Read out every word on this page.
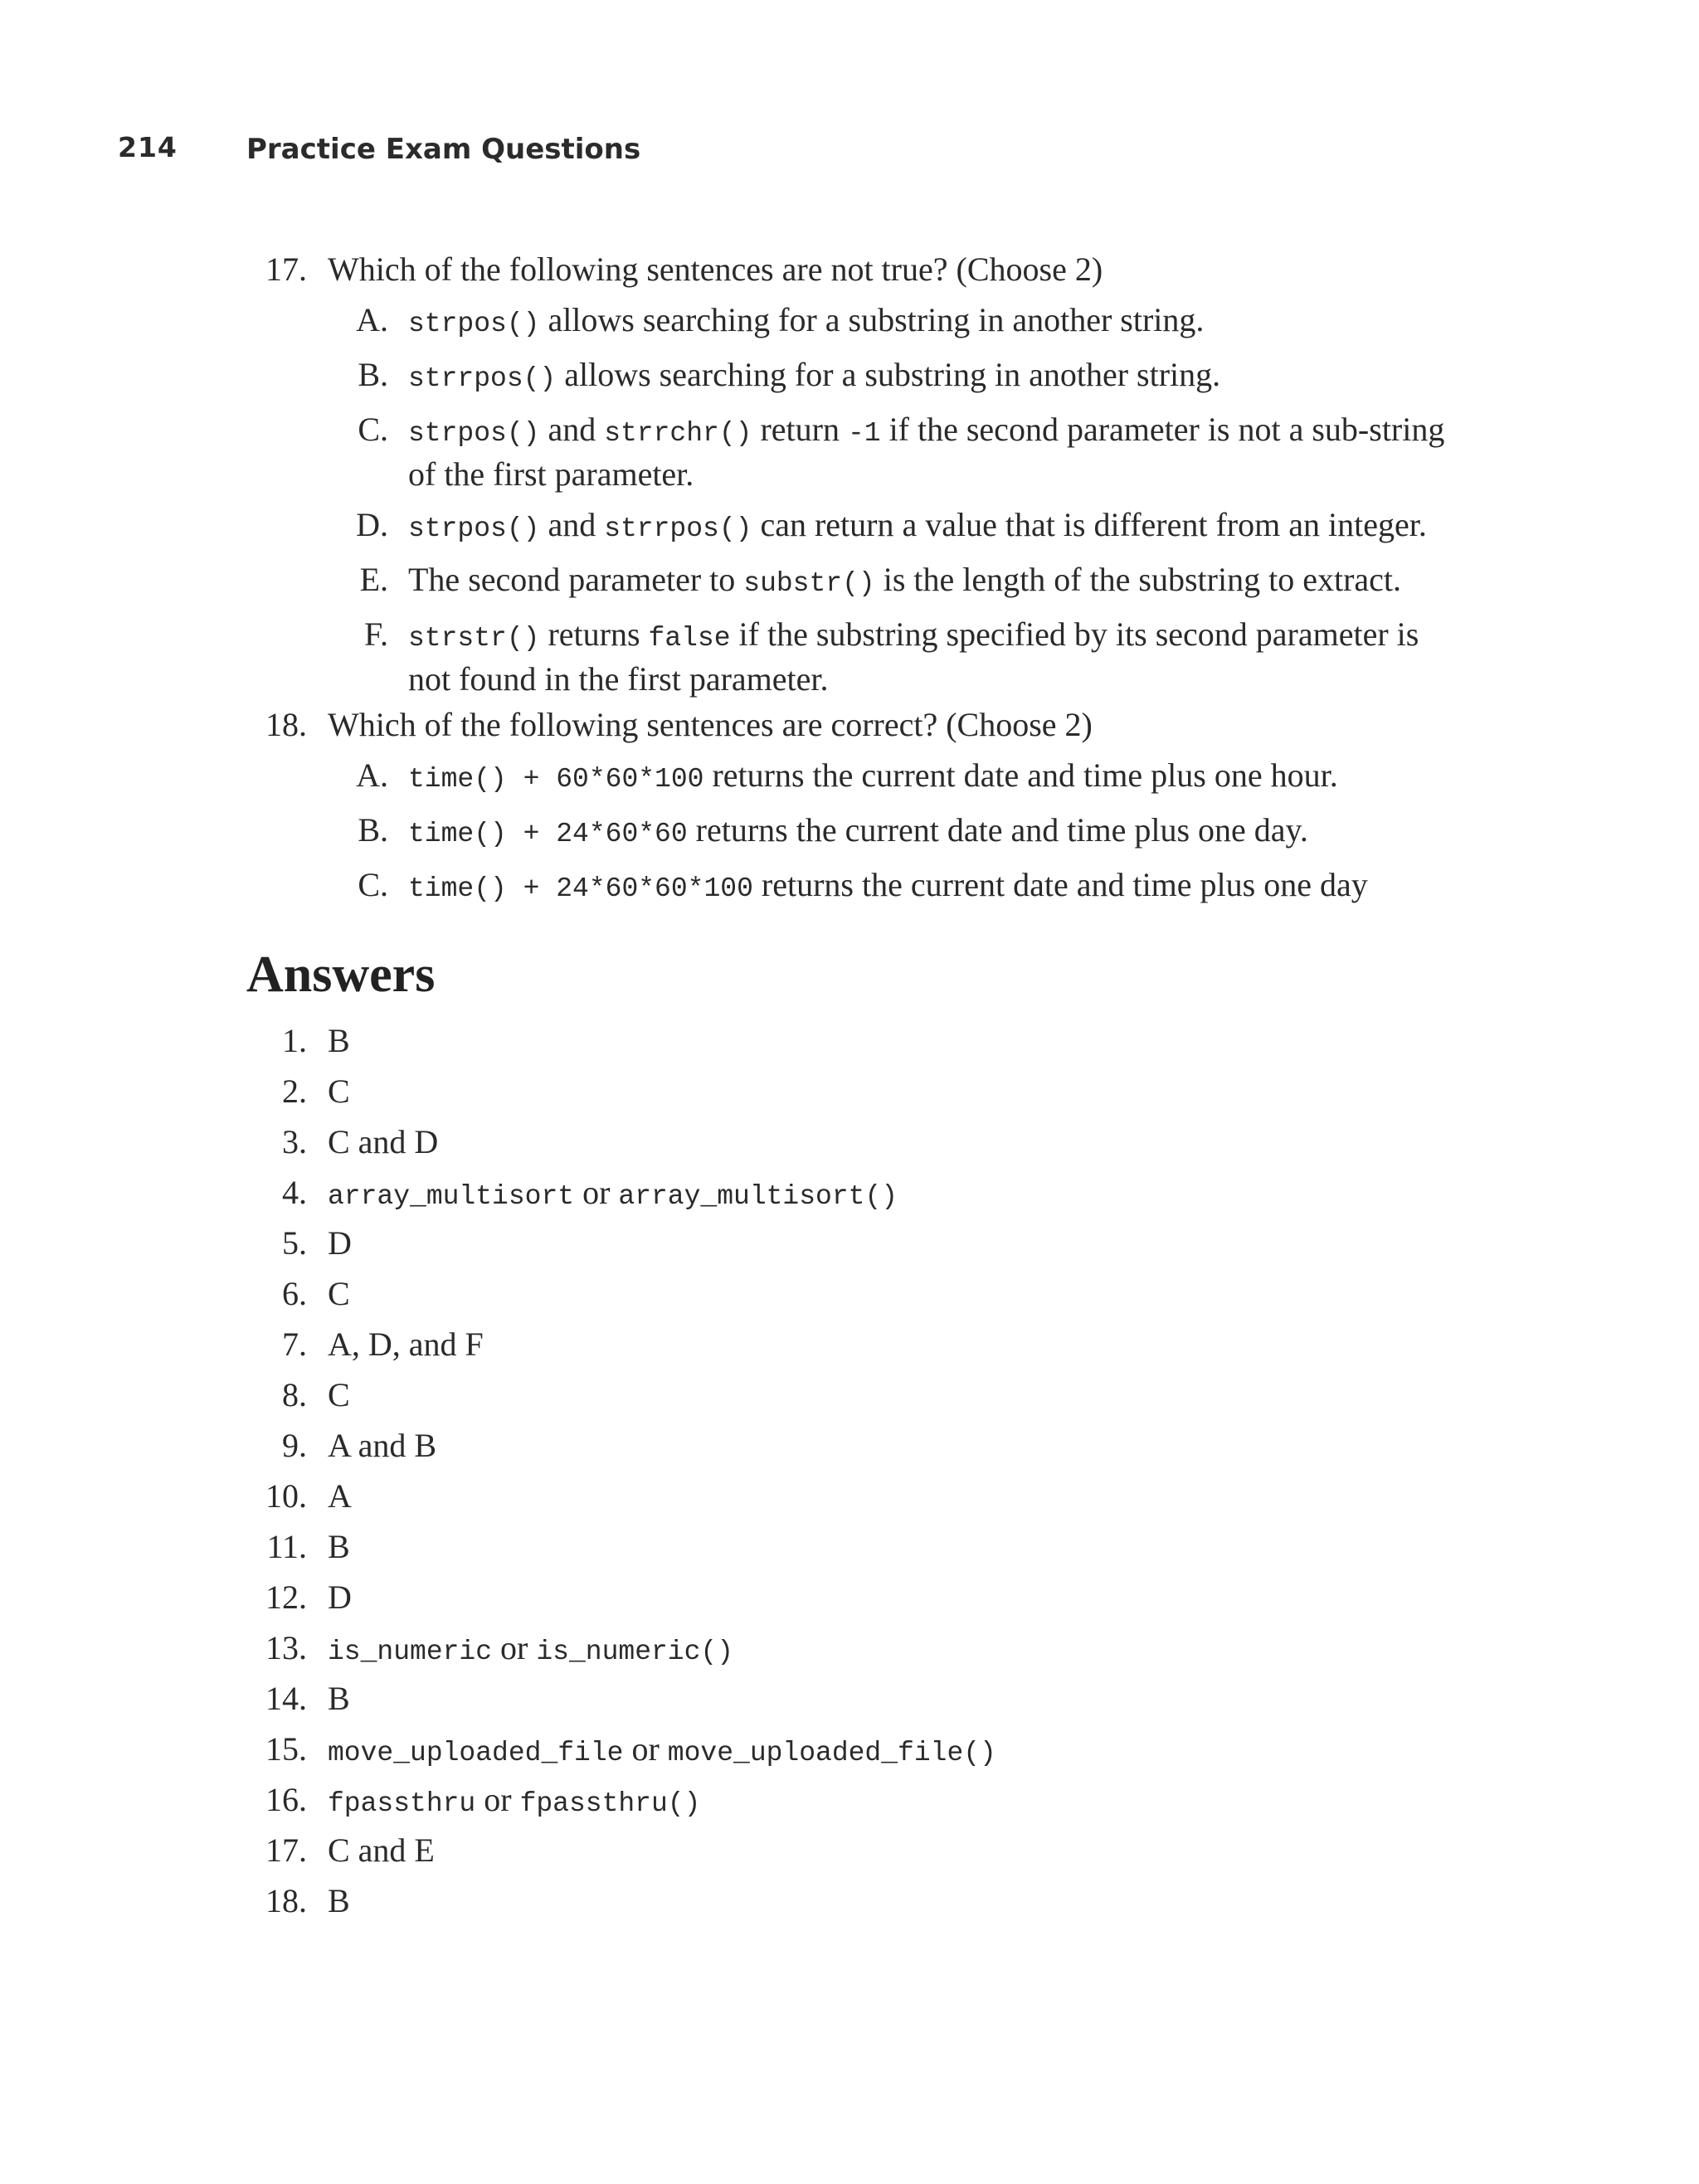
214 Practice Exam Questions
17. Which of the following sentences are not true? (Choose 2)
A. strpos() allows searching for a substring in another string.
B. strrpos() allows searching for a substring in another string.
C. strpos() and strrchr() return -1 if the second parameter is not a sub-string of the first parameter.
D. strpos() and strrpos() can return a value that is different from an integer.
E. The second parameter to substr() is the length of the substring to extract.
F. strstr() returns false if the substring specified by its second parameter is not found in the first parameter.
18. Which of the following sentences are correct? (Choose 2)
A. time() + 60*60*100 returns the current date and time plus one hour.
B. time() + 24*60*60 returns the current date and time plus one day.
C. time() + 24*60*60*100 returns the current date and time plus one day
Answers
1. B
2. C
3. C and D
4. array_multisort or array_multisort()
5. D
6. C
7. A, D, and F
8. C
9. A and B
10. A
11. B
12. D
13. is_numeric or is_numeric()
14. B
15. move_uploaded_file or move_uploaded_file()
16. fpassthru or fpassthru()
17. C and E
18. B
